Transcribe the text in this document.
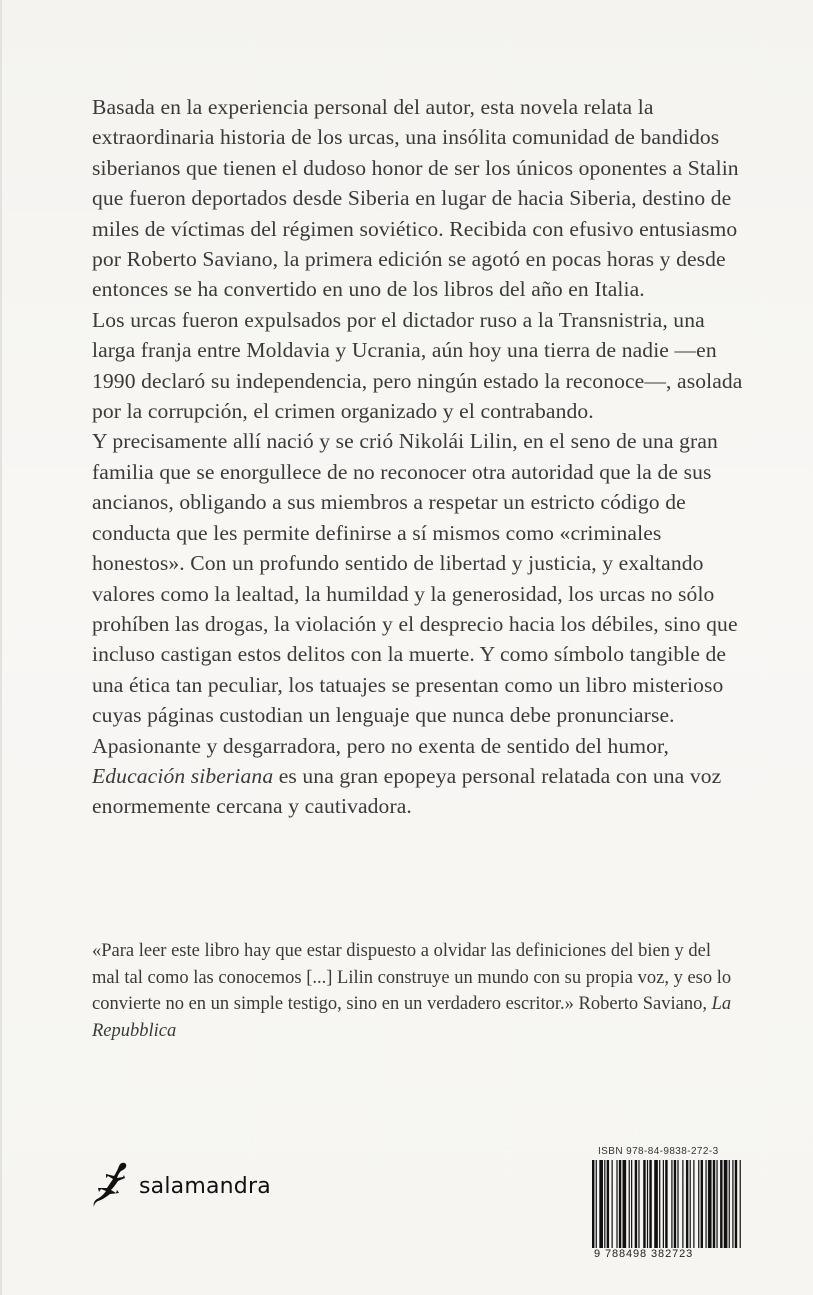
Basada en la experiencia personal del autor, esta novela relata la extraordinaria historia de los urcas, una insólita comunidad de bandidos siberianos que tienen el dudoso honor de ser los únicos oponentes a Stalin que fueron deportados desde Siberia en lugar de hacia Siberia, destino de miles de víctimas del régimen soviético. Recibida con efusivo entusiasmo por Roberto Saviano, la primera edición se agotó en pocas horas y desde entonces se ha convertido en uno de los libros del año en Italia.

Los urcas fueron expulsados por el dictador ruso a la Transnistria, una larga franja entre Moldavia y Ucrania, aún hoy una tierra de nadie —en 1990 declaró su independencia, pero ningún estado la reconoce—, asolada por la corrupción, el crimen organizado y el contrabando.

Y precisamente allí nació y se crió Nikolái Lilin, en el seno de una gran familia que se enorgullece de no reconocer otra autoridad que la de sus ancianos, obligando a sus miembros a respetar un estricto código de conducta que les permite definirse a sí mismos como «criminales honestos». Con un profundo sentido de libertad y justicia, y exaltando valores como la lealtad, la humildad y la generosidad, los urcas no sólo prohíben las drogas, la violación y el desprecio hacia los débiles, sino que incluso castigan estos delitos con la muerte. Y como símbolo tangible de una ética tan peculiar, los tatuajes se presentan como un libro misterioso cuyas páginas custodian un lenguaje que nunca debe pronunciarse.

Apasionante y desgarradora, pero no exenta de sentido del humor, Educación siberiana es una gran epopeya personal relatada con una voz enormemente cercana y cautivadora.

«Para leer este libro hay que estar dispuesto a olvidar las definiciones del bien y del mal tal como las conocemos [...] Lilin construye un mundo con su propia voz, y eso lo convierte no en un simple testigo, sino en un verdadero escritor.» Roberto Saviano, La Repubblica

salamandra
ISBN 978-84-9838-272-3
9 788498 382723
